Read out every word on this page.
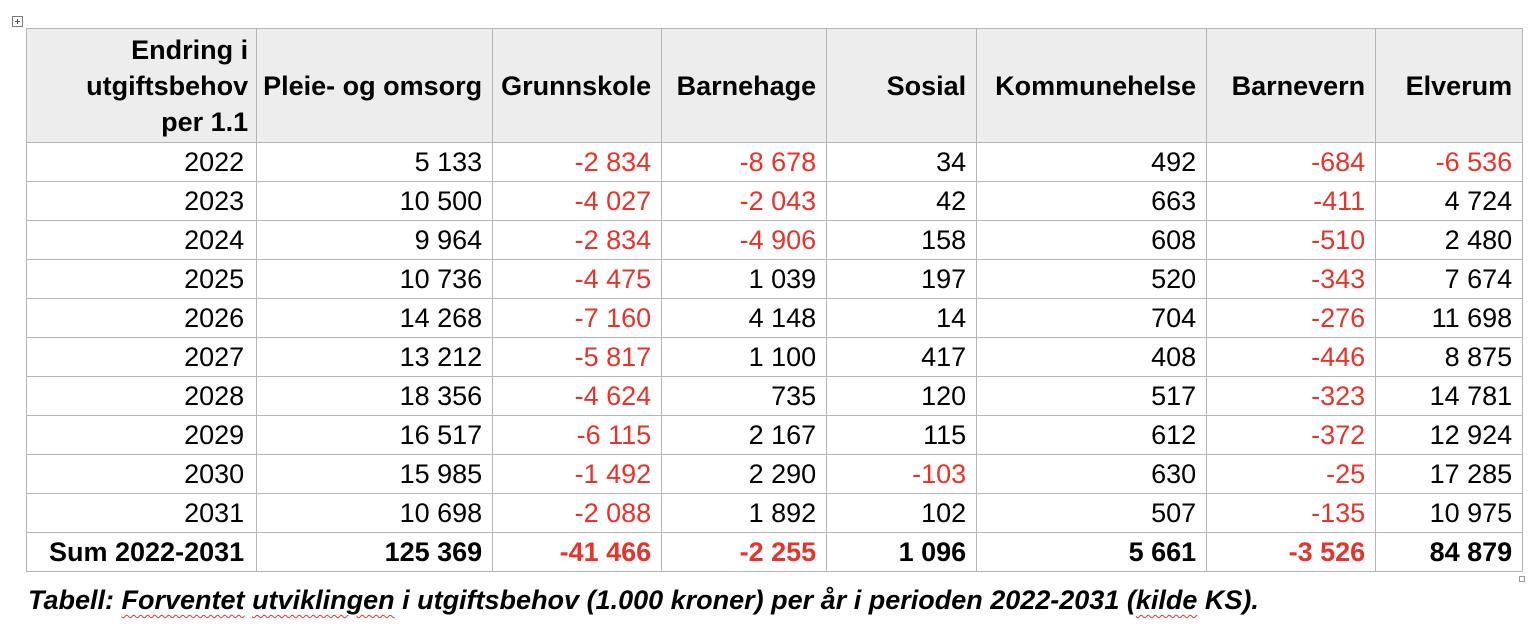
Endring i
utgiftsbehov
per 1.1	Pleie- og omsorg	Grunnskole	Barnehage	Sosial	Kommunehelse	Barnevern	Elverum
2022	5 133	-2 834	-8 678	34	492	-684	-6 536
2023	10 500	-4 027	-2 043	42	663	-411	4 724
2024	9 964	-2 834	-4 906	158	608	-510	2 480
2025	10 736	-4 475	1 039	197	520	-343	7 674
2026	14 268	-7 160	4 148	14	704	-276	11 698
2027	13 212	-5 817	1 100	417	408	-446	8 875
2028	18 356	-4 624	735	120	517	-323	14 781
2029	16 517	-6 115	2 167	115	612	-372	12 924
2030	15 985	-1 492	2 290	-103	630	-25	17 285
2031	10 698	-2 088	1 892	102	507	-135	10 975
Sum 2022-2031	125 369	-41 466	-2 255	1 096	5 661	-3 526	84 879
Tabell: Forventet utviklingen i utgiftsbehov (1.000 kroner) per år i perioden 2022-2031 (kilde KS).
